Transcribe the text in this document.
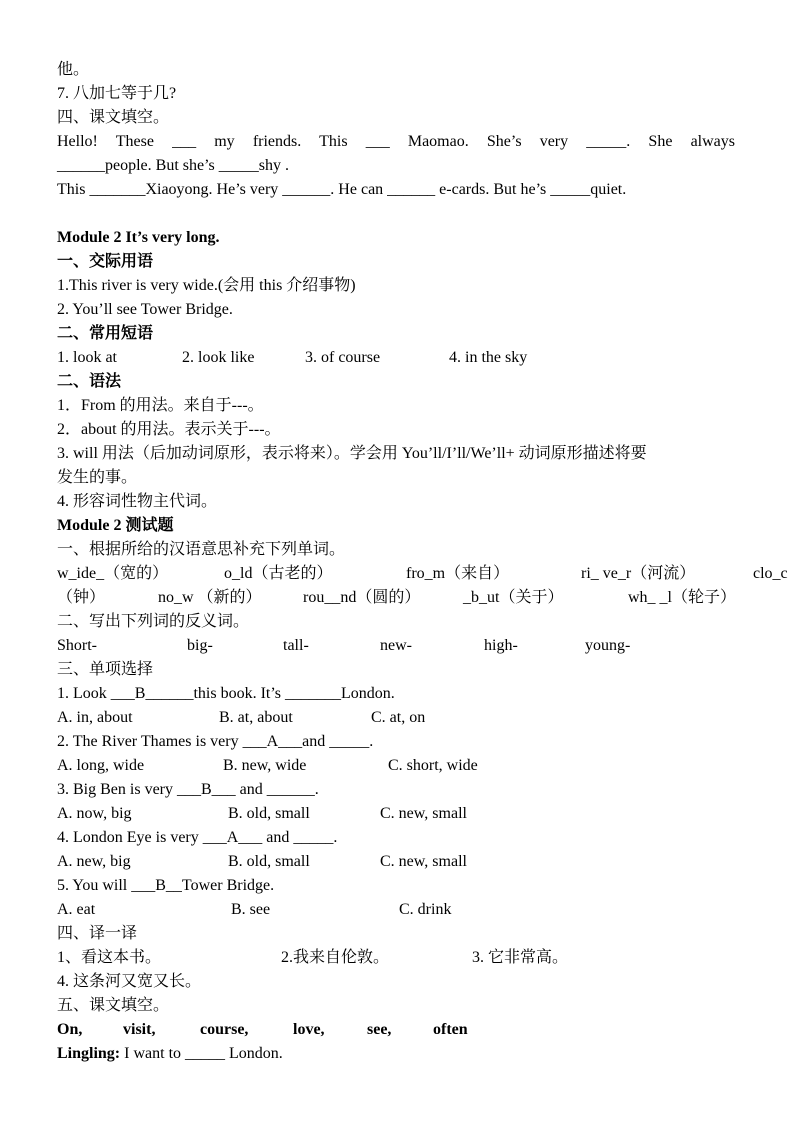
他。
7. 八加七等于几?
四、课文填空。
Hello! These ___ my friends. This ___ Maomao. She’s very _____. She always
______people. But she’s _____shy .
This _______Xiaoyong. He’s very ______. He can ______ e-cards. But he’s _____quiet.
Module 2 It’s very long.
一、交际用语
1.This river is very wide.(会用 this 介绍事物)
2. You’ll see Tower Bridge.
二、常用短语
1. look at	2. look like	3. of course	4. in the sky
二、语法
1．From 的用法。来自于---。
2．about 的用法。表示关于---。
3. will 用法（后加动词原形，表示将来）。学会用 You’ll/I’ll/We’ll+ 动词原形描述将要
发生的事。
4. 形容词性物主代词。
Module 2 测试题
一、根据所给的汉语意思补充下列单词。
w_ide_（宽的）	o_ld（古老的）	fro_m（来自）	ri_ ve_r（河流）	clo_c
（钟）	no_w （新的）	rou__nd（圆的）	_b_ut（关于）	wh_ _l（轮子）
二、写出下列词的反义词。
Short-	big-	tall-	new-	high-	young-
三、单项选择
1. Look ___B______this book. It’s _______London.
A. in, about	B. at, about	C. at, on
2. The River Thames is very ___A___and _____.
A. long, wide	B. new, wide	C. short, wide
3. Big Ben is very ___B___ and ______.
A. now, big	B. old, small	C. new, small
4. London Eye is very ___A___ and _____.
A. new, big	B. old, small	C. new, small
5. You will ___B__Tower Bridge.
A. eat	B. see	C. drink
四、译一译
1、看这本书。	2.我来自伦敦。	3. 它非常高。
4. 这条河又宽又长。
五、课文填空。
On,	visit,	course,	love,	see,	often
Lingling: I want to _____ London.
